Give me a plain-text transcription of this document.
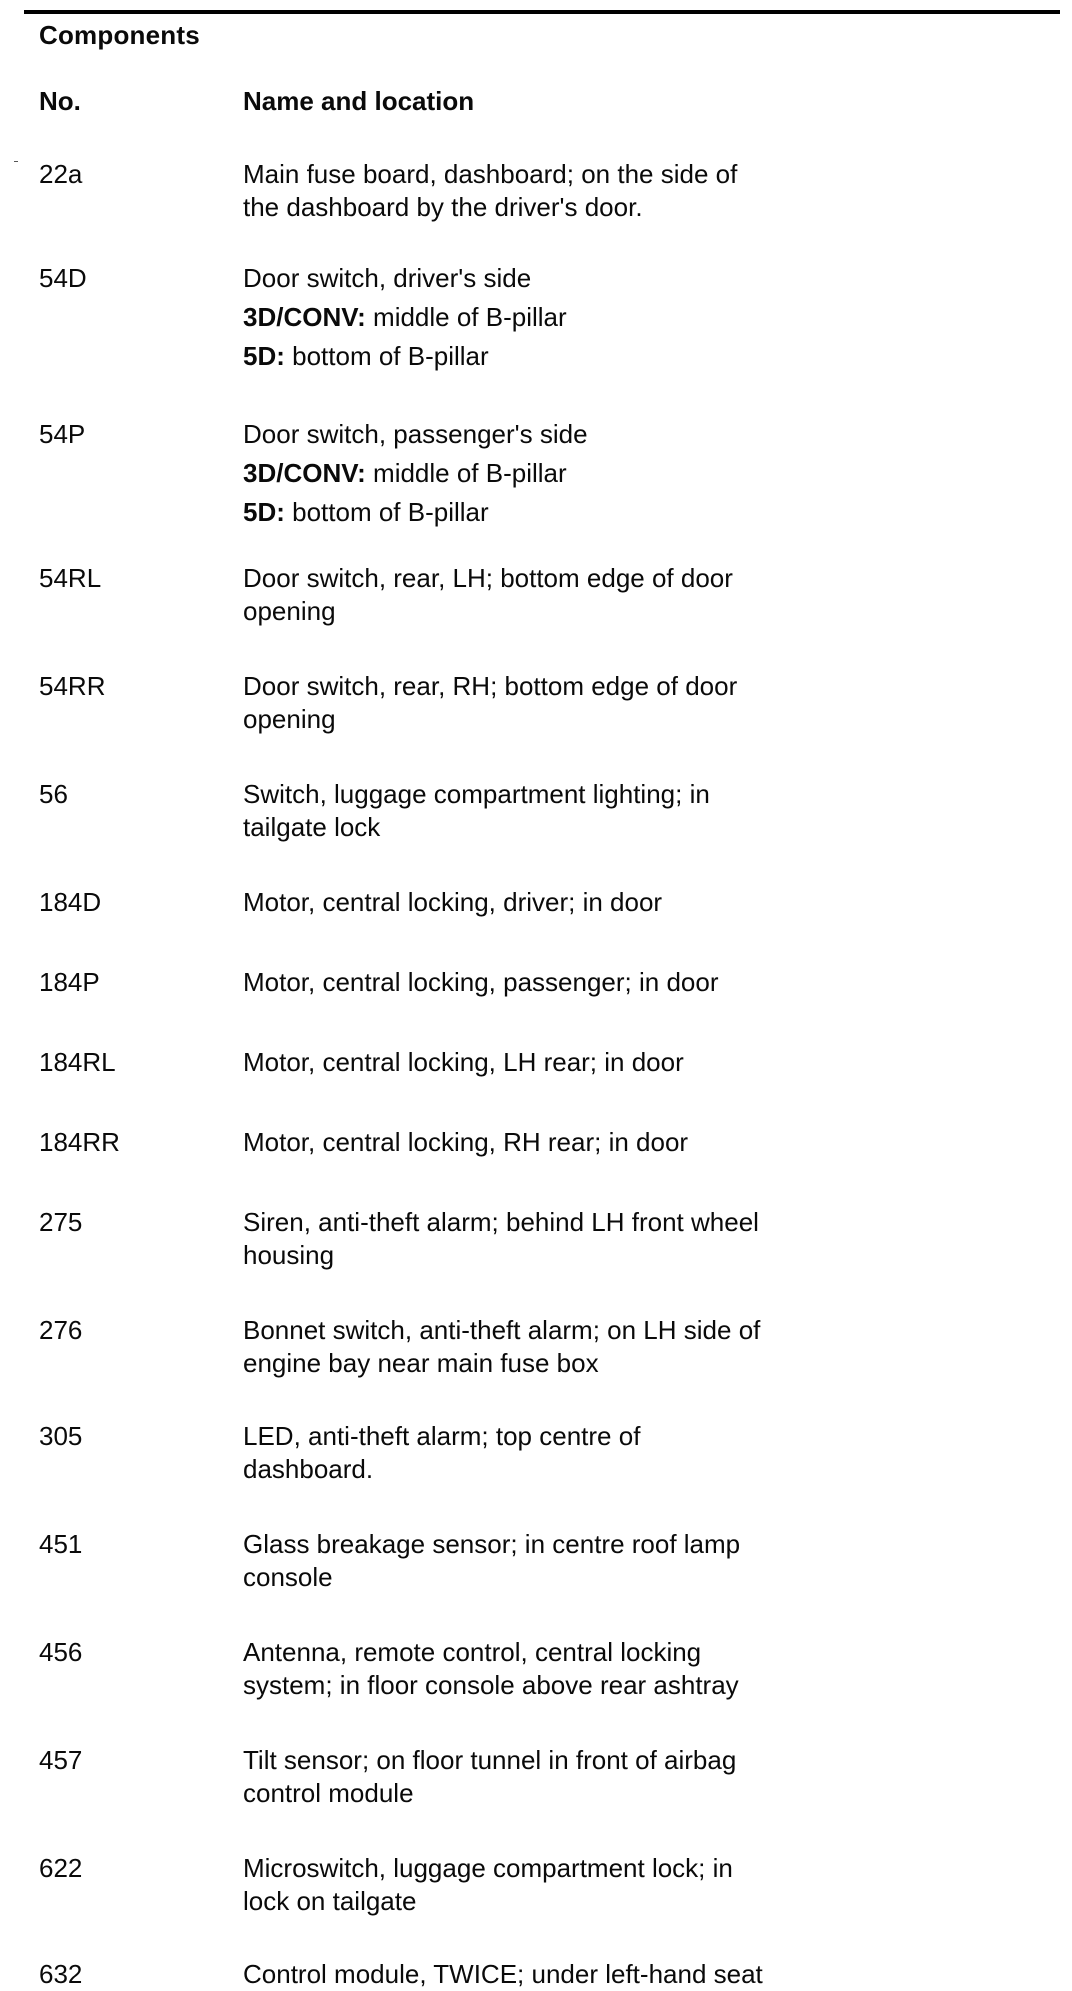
Components
No.	Name and location
22a	Main fuse board, dashboard; on the side of
the dashboard by the driver's door.
54D	Door switch, driver's side
3D/CONV: middle of B-pillar
5D: bottom of B-pillar
54P	Door switch, passenger's side
3D/CONV: middle of B-pillar
5D: bottom of B-pillar
54RL	Door switch, rear, LH; bottom edge of door
opening
54RR	Door switch, rear, RH; bottom edge of door
opening
56	Switch, luggage compartment lighting; in
tailgate lock
184D	Motor, central locking, driver; in door
184P	Motor, central locking, passenger; in door
184RL	Motor, central locking, LH rear; in door
184RR	Motor, central locking, RH rear; in door
275	Siren, anti-theft alarm; behind LH front wheel
housing
276	Bonnet switch, anti-theft alarm; on LH side of
engine bay near main fuse box
305	LED, anti-theft alarm; top centre of
dashboard.
451	Glass breakage sensor; in centre roof lamp
console
456	Antenna, remote control, central locking
system; in floor console above rear ashtray
457	Tilt sensor; on floor tunnel in front of airbag
control module
622	Microswitch, luggage compartment lock; in
lock on tailgate
632	Control module, TWICE; under left-hand seat
